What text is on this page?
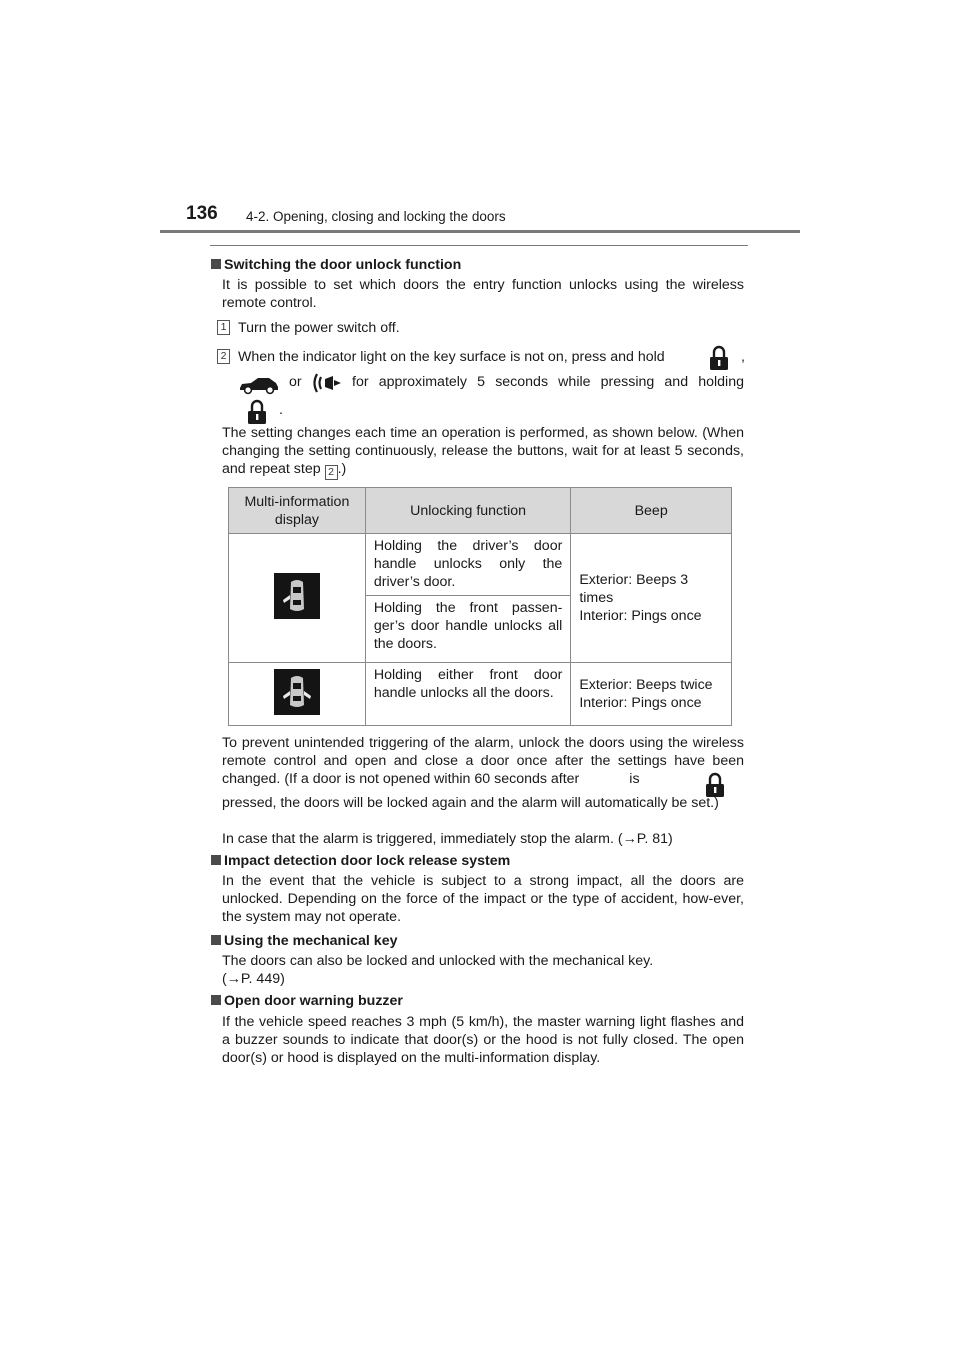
136 4-2. Opening, closing and locking the doors
Switching the door unlock function
It is possible to set which doors the entry function unlocks using the wireless remote control.
1 Turn the power switch off.
2 When the indicator light on the key surface is not on, press and hold	,
or	for approximately 5 seconds while pressing and holding
.
The setting changes each time an operation is performed, as shown below. (When changing the setting continuously, release the buttons, wait for at least 5 seconds, and repeat step 2 .)
Multi-information display	Unlocking function	Beep
	Holding the driver’s door handle unlocks only the driver’s door.	Exterior: Beeps 3 times
Interior: Pings once
	Holding the front passen-ger’s door handle unlocks all the doors.	
	Holding either front door handle unlocks all the doors.	Exterior: Beeps twice
Interior: Pings once
To prevent unintended triggering of the alarm, unlock the doors using the wireless remote control and open and close a door once after the settings have been changed. (If a door is not opened within 60 seconds after	is
pressed, the doors will be locked again and the alarm will automatically be set.)
In case that the alarm is triggered, immediately stop the alarm. (→P. 81)
Impact detection door lock release system
In the event that the vehicle is subject to a strong impact, all the doors are unlocked. Depending on the force of the impact or the type of accident, how-ever, the system may not operate.
Using the mechanical key
The doors can also be locked and unlocked with the mechanical key.
(→P. 449)
Open door warning buzzer
If the vehicle speed reaches 3 mph (5 km/h), the master warning light flashes and a buzzer sounds to indicate that door(s) or the hood is not fully closed. The open door(s) or hood is displayed on the multi-information display.
